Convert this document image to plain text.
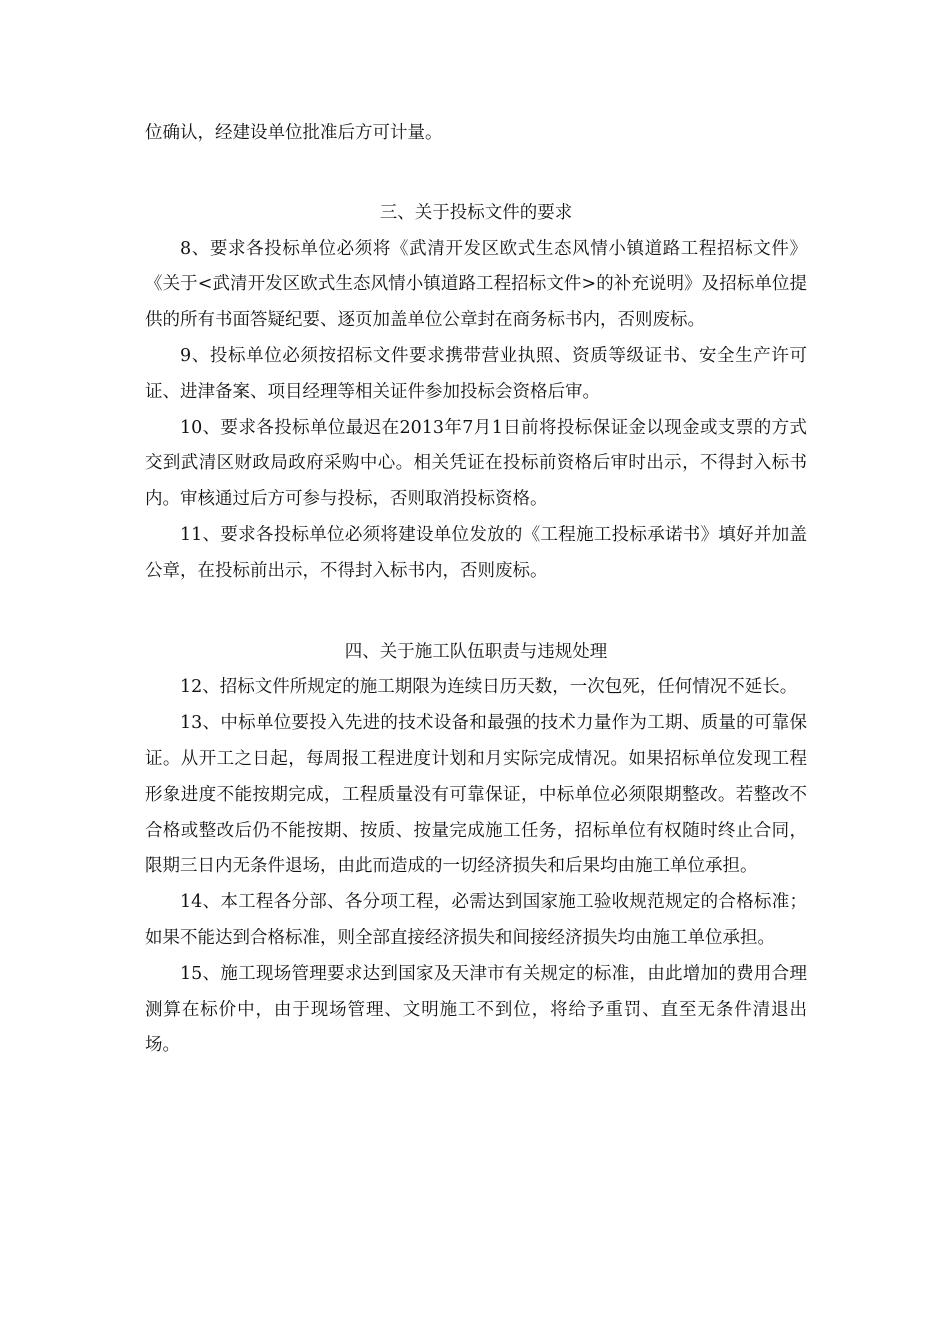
位确认，经建设单位批准后方可计量。

三、关于投标文件的要求

8、要求各投标单位必须将《武清开发区欧式生态风情小镇道路工程招标文件》《关于<武清开发区欧式生态风情小镇道路工程招标文件>的补充说明》及招标单位提供的所有书面答疑纪要、逐页加盖单位公章封在商务标书内，否则废标。

9、投标单位必须按招标文件要求携带营业执照、资质等级证书、安全生产许可证、进津备案、项目经理等相关证件参加投标会资格后审。

10、要求各投标单位最迟在2013年7月1日前将投标保证金以现金或支票的方式交到武清区财政局政府采购中心。相关凭证在投标前资格后审时出示，不得封入标书内。审核通过后方可参与投标，否则取消投标资格。

11、要求各投标单位必须将建设单位发放的《工程施工投标承诺书》填好并加盖公章，在投标前出示，不得封入标书内，否则废标。

四、关于施工队伍职责与违规处理

12、招标文件所规定的施工期限为连续日历天数，一次包死，任何情况不延长。

13、中标单位要投入先进的技术设备和最强的技术力量作为工期、质量的可靠保证。从开工之日起，每周报工程进度计划和月实际完成情况。如果招标单位发现工程形象进度不能按期完成，工程质量没有可靠保证，中标单位必须限期整改。若整改不合格或整改后仍不能按期、按质、按量完成施工任务，招标单位有权随时终止合同，限期三日内无条件退场，由此而造成的一切经济损失和后果均由施工单位承担。

14、本工程各分部、各分项工程，必需达到国家施工验收规范规定的合格标准；如果不能达到合格标准，则全部直接经济损失和间接经济损失均由施工单位承担。

15、施工现场管理要求达到国家及天津市有关规定的标准，由此增加的费用合理测算在标价中，由于现场管理、文明施工不到位，将给予重罚、直至无条件清退出场。
